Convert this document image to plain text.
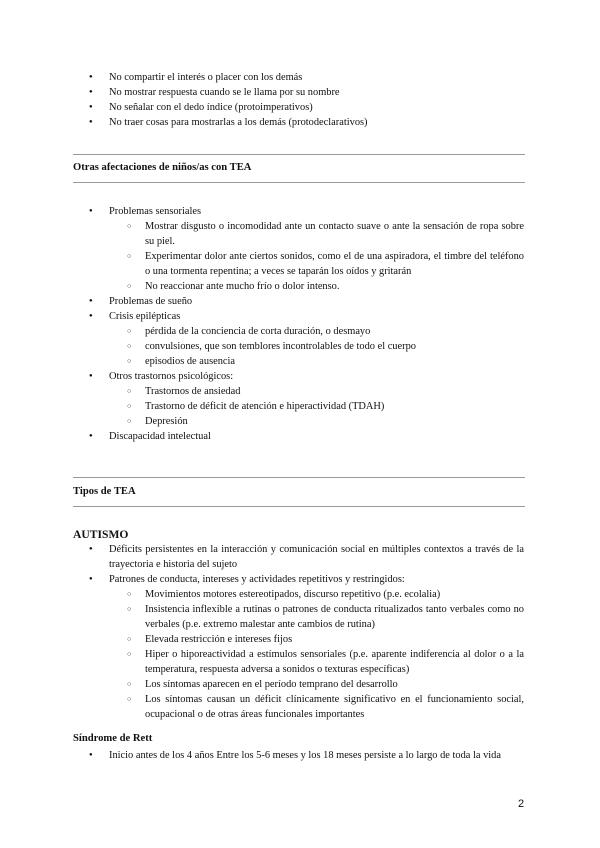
● No compartir el interés o placer con los demás
● No mostrar respuesta cuando se le llama por su nombre
● No señalar con el dedo índice (protoimperativos)
● No traer cosas para mostrarlas a los demás (protodeclarativos)
Otras afectaciones de niños/as con TEA
● Problemas sensoriales
○ Mostrar disgusto o incomodidad ante un contacto suave o ante la sensación de ropa sobre su piel.
○ Experimentar dolor ante ciertos sonidos, como el de una aspiradora, el timbre del teléfono o una tormenta repentina; a veces se taparán los oídos y gritarán
○ No reaccionar ante mucho frío o dolor intenso.
● Problemas de sueño
● Crisis epilépticas
○ pérdida de la conciencia de corta duración, o desmayo
○ convulsiones, que son temblores incontrolables de todo el cuerpo
○ episodios de ausencia
● Otros trastornos psicológicos:
○ Trastornos de ansiedad
○ Trastorno de déficit de atención e hiperactividad (TDAH)
○ Depresión
● Discapacidad intelectual
Tipos de TEA
AUTISMO
● Déficits persistentes en la interacción y comunicación social en múltiples contextos a través de la trayectoria e historia del sujeto
● Patrones de conducta, intereses y actividades repetitivos y restringidos:
○ Movimientos motores estereotipados, discurso repetitivo (p.e. ecolalia)
○ Insistencia inflexible a rutinas o patrones de conducta ritualizados tanto verbales como no verbales (p.e. extremo malestar ante cambios de rutina)
○ Elevada restricción e intereses fijos
○ Hiper o hiporeactividad a estímulos sensoriales (p.e. aparente indiferencia al dolor o a la temperatura, respuesta adversa a sonidos o texturas específicas)
○ Los síntomas aparecen en el período temprano del desarrollo
○ Los síntomas causan un déficit clínicamente significativo en el funcionamiento social, ocupacional o de otras áreas funcionales importantes
Síndrome de Rett
● Inicio antes de los 4 años Entre los 5-6 meses y los 18 meses persiste a lo largo de toda la vida
2
